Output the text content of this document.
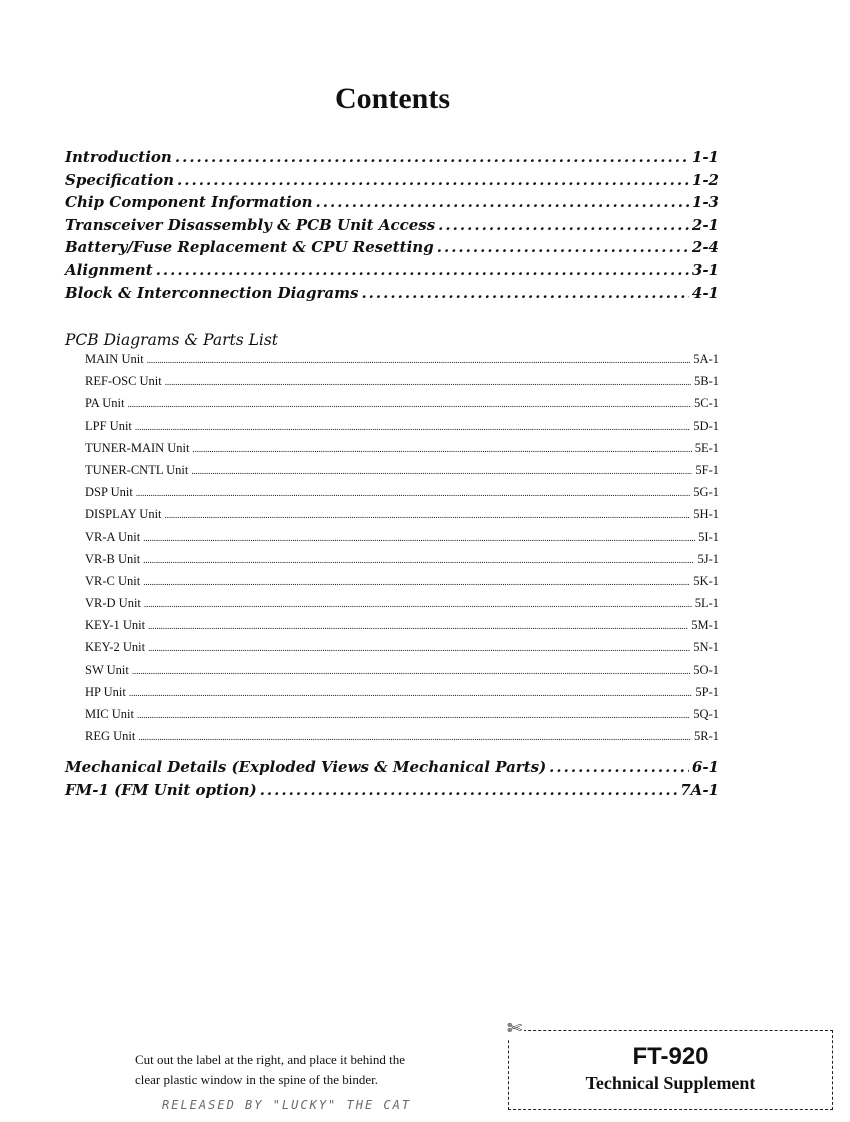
Contents
Introduction . . .	1-1
Specification . . .	1-2
Chip Component Information . . .	1-3
Transceiver Disassembly & PCB Unit Access . . .	2-1
Battery/Fuse Replacement & CPU Resetting . . .	2-4
Alignment . . .	3-1
Block & Interconnection Diagrams . . .	4-1
PCB Diagrams & Parts List
MAIN Unit . . .	5A-1
REF-OSC Unit . . .	5B-1
PA Unit . . .	5C-1
LPF Unit . . .	5D-1
TUNER-MAIN Unit . . .	5E-1
TUNER-CNTL Unit . . .	5F-1
DSP Unit . . .	5G-1
DISPLAY Unit . . .	5H-1
VR-A Unit . . .	5I-1
VR-B Unit . . .	5J-1
VR-C Unit . . .	5K-1
VR-D Unit . . .	5L-1
KEY-1 Unit . . .	5M-1
KEY-2 Unit . . .	5N-1
SW Unit . . .	5O-1
HP Unit . . .	5P-1
MIC Unit . . .	5Q-1
REG Unit . . .	5R-1
Mechanical Details (Exploded Views & Mechanical Parts) . . .	6-1
FM-1 (FM Unit option) . . .	7A-1
Cut out the label at the right, and place it behind the
clear plastic window in the spine of the binder.
RELEASED BY "LUCKY" THE CAT
FT-920
Technical Supplement
✄
